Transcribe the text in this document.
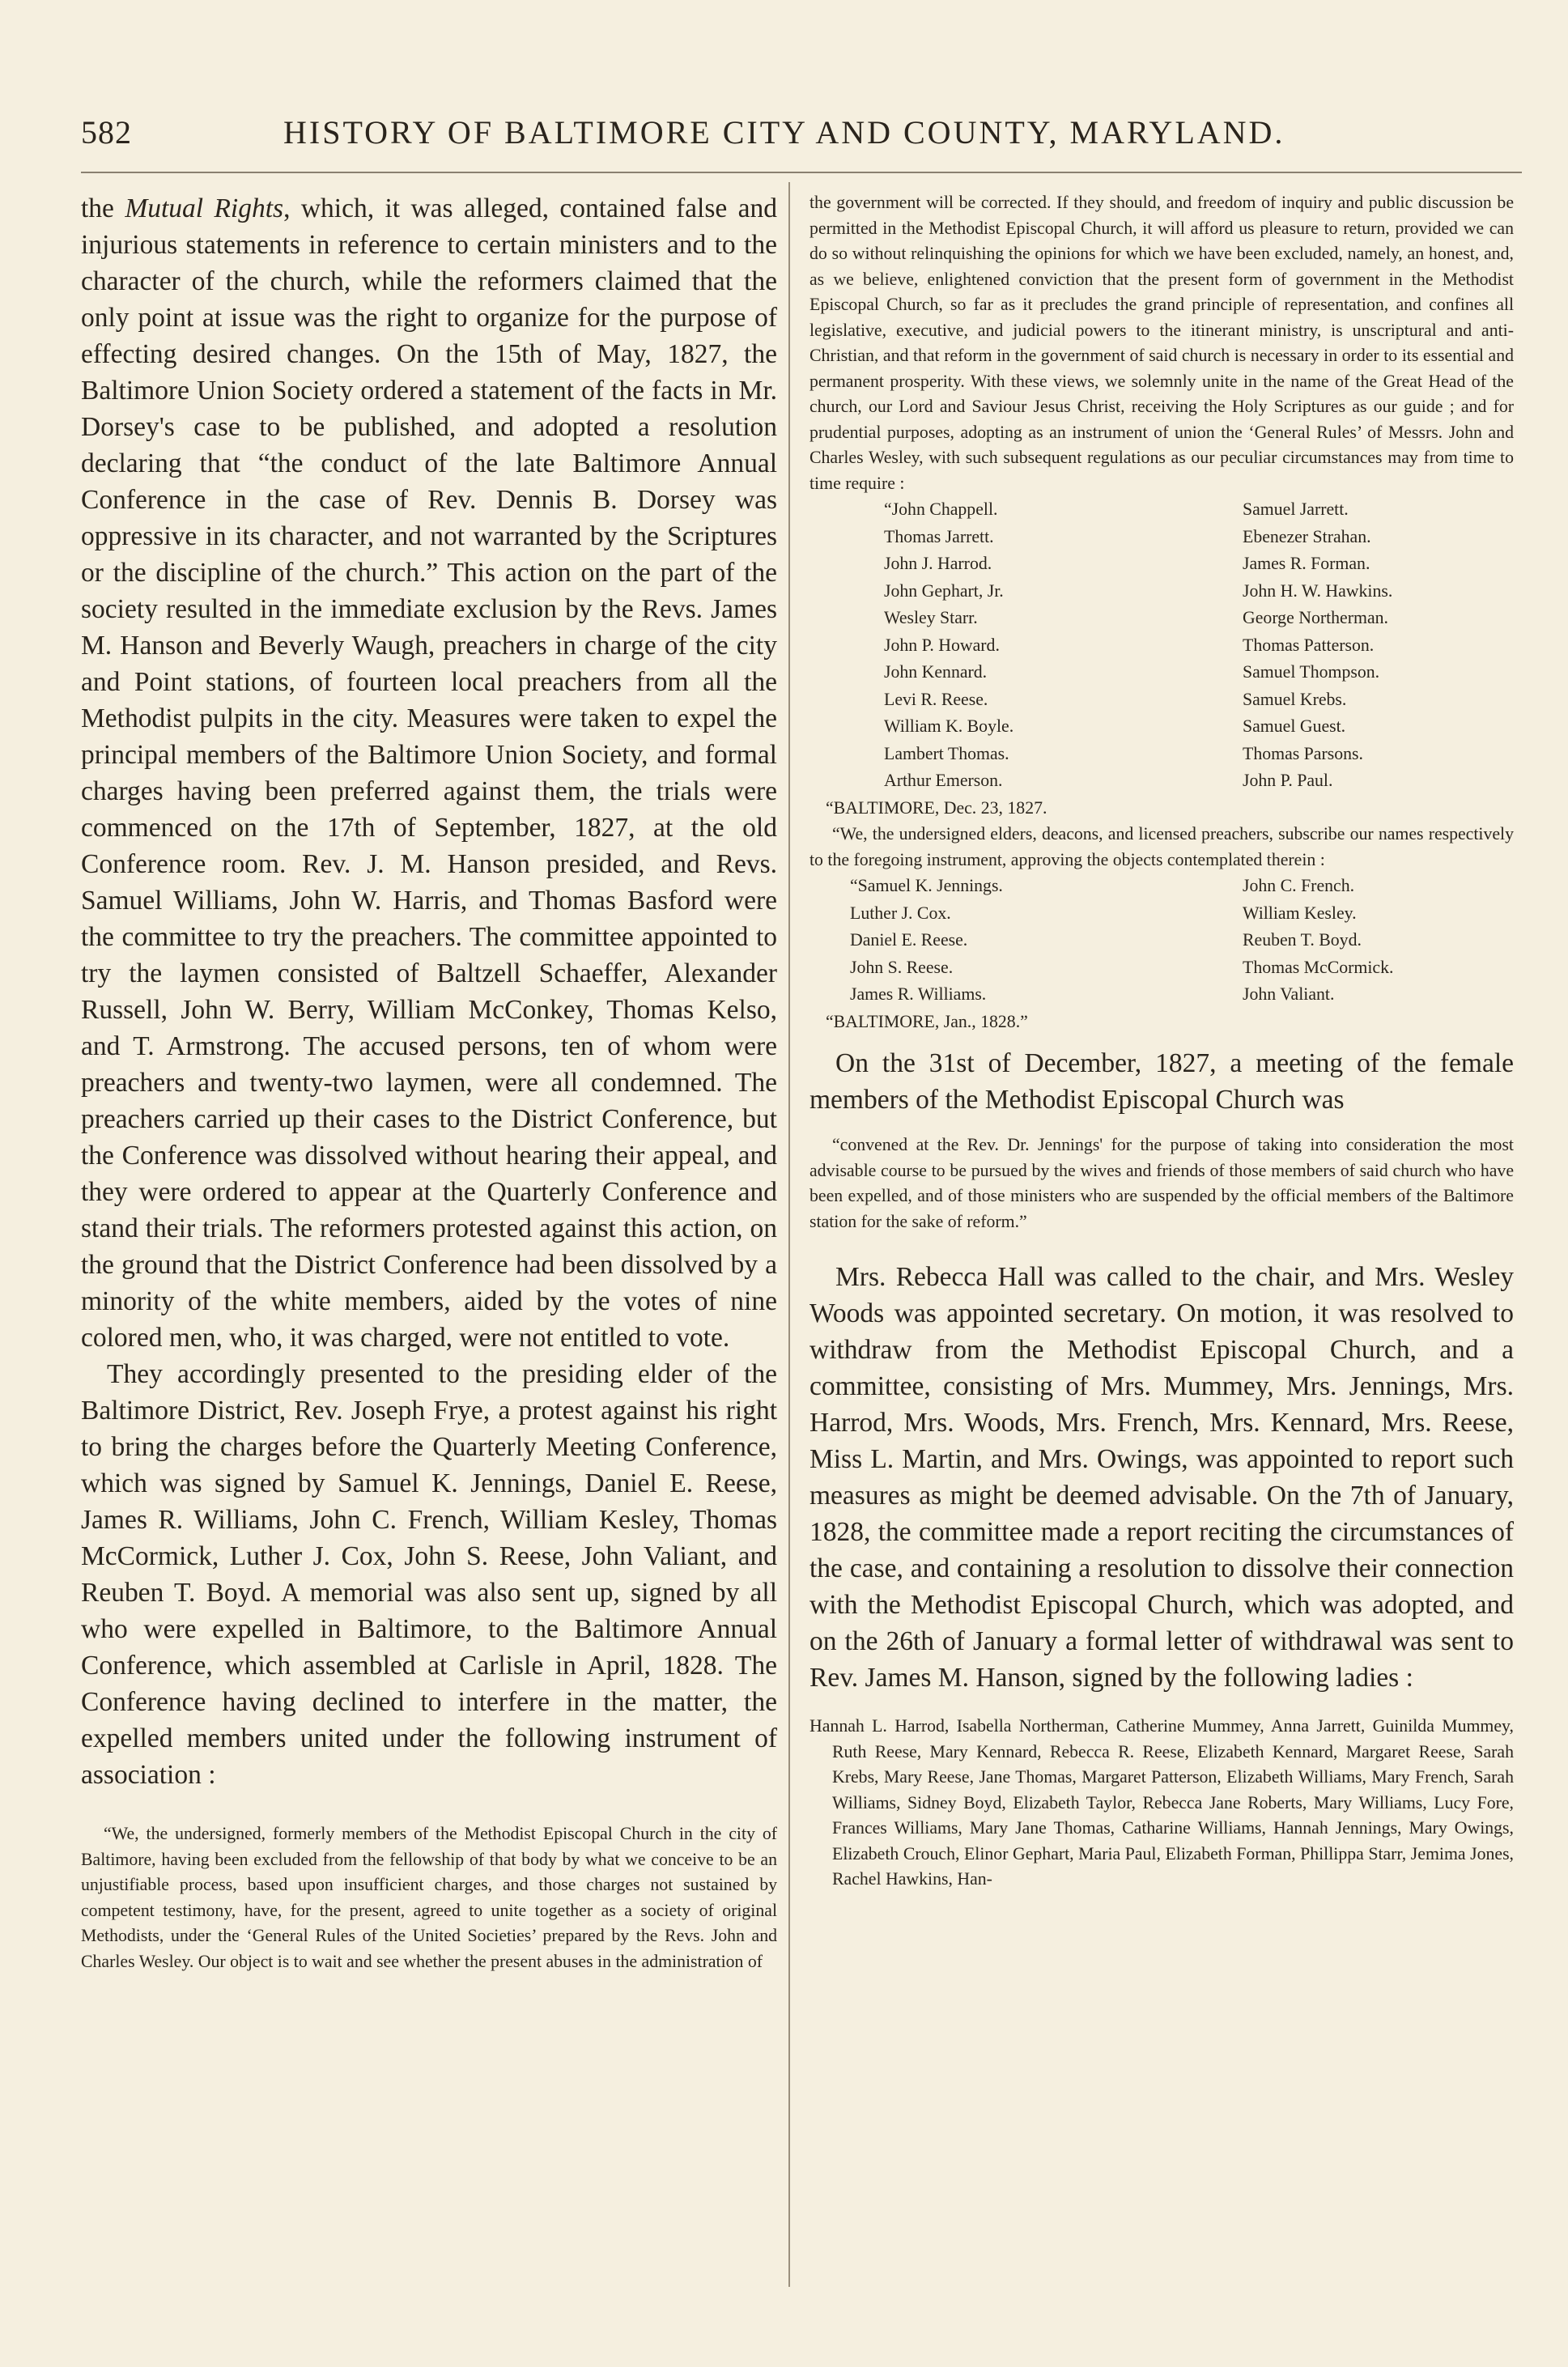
582	HISTORY OF BALTIMORE CITY AND COUNTY, MARYLAND.

the Mutual Rights, which, it was alleged, contained false and injurious statements in reference to certain ministers and to the character of the church, while the reformers claimed that the only point at issue was the right to organize for the purpose of effecting desired changes. On the 15th of May, 1827, the Baltimore Union Society ordered a statement of the facts in Mr. Dorsey's case to be published, and adopted a resolution declaring that “the conduct of the late Baltimore Annual Conference in the case of Rev. Dennis B. Dorsey was oppressive in its character, and not warranted by the Scriptures or the discipline of the church.” This action on the part of the society resulted in the immediate exclusion by the Revs. James M. Hanson and Beverly Waugh, preachers in charge of the city and Point stations, of fourteen local preachers from all the Methodist pulpits in the city. Measures were taken to expel the principal members of the Baltimore Union Society, and formal charges having been preferred against them, the trials were commenced on the 17th of September, 1827, at the old Conference room. Rev. J. M. Hanson presided, and Revs. Samuel Williams, John W. Harris, and Thomas Basford were the committee to try the preachers. The committee appointed to try the laymen consisted of Baltzell Schaeffer, Alexander Russell, John W. Berry, William McConkey, Thomas Kelso, and T. Armstrong. The accused persons, ten of whom were preachers and twenty-two laymen, were all condemned. The preachers carried up their cases to the District Conference, but the Conference was dissolved without hearing their appeal, and they were ordered to appear at the Quarterly Conference and stand their trials. The reformers protested against this action, on the ground that the District Conference had been dissolved by a minority of the white members, aided by the votes of nine colored men, who, it was charged, were not entitled to vote.

They accordingly presented to the presiding elder of the Baltimore District, Rev. Joseph Frye, a protest against his right to bring the charges before the Quarterly Meeting Conference, which was signed by Samuel K. Jennings, Daniel E. Reese, James R. Williams, John C. French, William Kesley, Thomas McCormick, Luther J. Cox, John S. Reese, John Valiant, and Reuben T. Boyd. A memorial was also sent up, signed by all who were expelled in Baltimore, to the Baltimore Annual Conference, which assembled at Carlisle in April, 1828. The Conference having declined to interfere in the matter, the expelled members united under the following instrument of association :

“We, the undersigned, formerly members of the Methodist Episcopal Church in the city of Baltimore, having been excluded from the fellowship of that body by what we conceive to be an unjustifiable process, based upon insufficient charges, and those charges not sustained by competent testimony, have, for the present, agreed to unite together as a society of original Methodists, under the ‘General Rules of the United Societies’ prepared by the Revs. John and Charles Wesley. Our object is to wait and see whether the present abuses in the administration of

the government will be corrected. If they should, and freedom of inquiry and public discussion be permitted in the Methodist Episcopal Church, it will afford us pleasure to return, provided we can do so without relinquishing the opinions for which we have been excluded, namely, an honest, and, as we believe, enlightened conviction that the present form of government in the Methodist Episcopal Church, so far as it precludes the grand principle of representation, and confines all legislative, executive, and judicial powers to the itinerant ministry, is unscriptural and anti-Christian, and that reform in the government of said church is necessary in order to its essential and permanent prosperity. With these views, we solemnly unite in the name of the Great Head of the church, our Lord and Saviour Jesus Christ, receiving the Holy Scriptures as our guide ; and for prudential purposes, adopting as an instrument of union the ‘General Rules’ of Messrs. John and Charles Wesley, with such subsequent regulations as our peculiar circumstances may from time to time require :

“John Chappell.
Thomas Jarrett.
John J. Harrod.
John Gephart, Jr.
Wesley Starr.
John P. Howard.
John Kennard.
Levi R. Reese.
William K. Boyle.
Lambert Thomas.
Arthur Emerson.
Samuel Jarrett.
Ebenezer Strahan.
James R. Forman.
John H. W. Hawkins.
George Northerman.
Thomas Patterson.
Samuel Thompson.
Samuel Krebs.
Samuel Guest.
Thomas Parsons.
John P. Paul.

“BALTIMORE, Dec. 23, 1827.

“We, the undersigned elders, deacons, and licensed preachers, subscribe our names respectively to the foregoing instrument, approving the objects contemplated therein :

“Samuel K. Jennings.
Luther J. Cox.
Daniel E. Reese.
John S. Reese.
James R. Williams.
John C. French.
William Kesley.
Reuben T. Boyd.
Thomas McCormick.
John Valiant.

“BALTIMORE, Jan., 1828.”

On the 31st of December, 1827, a meeting of the female members of the Methodist Episcopal Church was

“convened at the Rev. Dr. Jennings' for the purpose of taking into consideration the most advisable course to be pursued by the wives and friends of those members of said church who have been expelled, and of those ministers who are suspended by the official members of the Baltimore station for the sake of reform.”

Mrs. Rebecca Hall was called to the chair, and Mrs. Wesley Woods was appointed secretary. On motion, it was resolved to withdraw from the Methodist Episcopal Church, and a committee, consisting of Mrs. Mummey, Mrs. Jennings, Mrs. Harrod, Mrs. Woods, Mrs. French, Mrs. Kennard, Mrs. Reese, Miss L. Martin, and Mrs. Owings, was appointed to report such measures as might be deemed advisable. On the 7th of January, 1828, the committee made a report reciting the circumstances of the case, and containing a resolution to dissolve their connection with the Methodist Episcopal Church, which was adopted, and on the 26th of January a formal letter of withdrawal was sent to Rev. James M. Hanson, signed by the following ladies :

Hannah L. Harrod, Isabella Northerman, Catherine Mummey, Anna Jarrett, Guinilda Mummey, Ruth Reese, Mary Kennard, Rebecca R. Reese, Elizabeth Kennard, Margaret Reese, Sarah Krebs, Mary Reese, Jane Thomas, Margaret Patterson, Elizabeth Williams, Mary French, Sarah Williams, Sidney Boyd, Elizabeth Taylor, Rebecca Jane Roberts, Mary Williams, Lucy Fore, Frances Williams, Mary Jane Thomas, Catharine Williams, Hannah Jennings, Mary Owings, Elizabeth Crouch, Elinor Gephart, Maria Paul, Elizabeth Forman, Phillippa Starr, Jemima Jones, Rachel Hawkins, Han-
